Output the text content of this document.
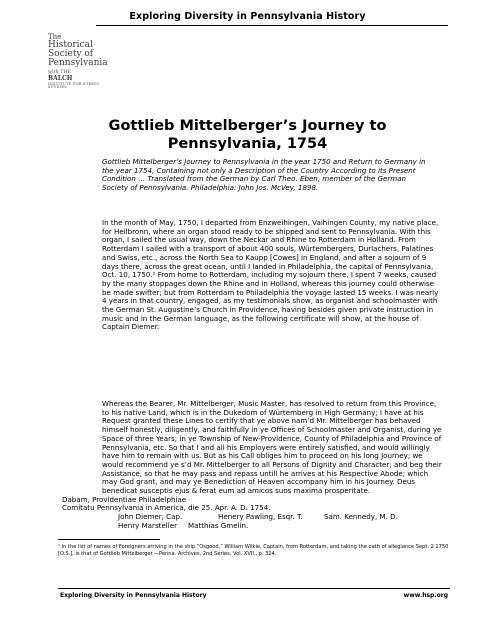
Exploring Diversity in Pennsylvania History
The
Historical
Society of
Pennsylvania
with THE
BALCH
INSTITUTE FOR ETHNIC STUDIES
Gottlieb Mittelberger’s Journey to
Pennsylvania, 1754
Gottlieb Mittelberger’s Journey to Pennsylvania in the year 1750 and Return to Germany in the year 1754, Containing not only a Description of the Country According to its Present Condition … Translated from the German by Carl Theo. Eben, member of the German Society of Pennsylvania. Philadelphia: John Jos. McVey, 1898.
In the month of May, 1750, I departed from Enzweihingen, Vaihingen County, my native place, for Heilbronn, where an organ stood ready to be shipped and sent to Pennsylvania. With this organ, I sailed the usual way, down the Neckar and Rhine to Rotterdam in Holland. From Rotterdam I sailed with a transport of about 400 souls, Würtembergers, Durlachers, Palatines and Swiss, etc., across the North Sea to Kaupp [Cowes] in England, and after a sojourn of 9 days there, across the great ocean, until I landed in Philadelphia, the capital of Pennsylvania, Oct. 10, 1750.¹ From home to Rotterdam, including my sojourn there, I spent 7 weeks, caused by the many stoppages down the Rhine and in Holland, whereas this journey could otherwise be made swifter; but from Rotterdam to Philadelphia the voyage lasted 15 weeks. I was nearly 4 years in that country, engaged, as my testimonials show, as organist and schoolmaster with the German St. Augustine’s Church in Providence, having besides given private instruction in music and in the German language, as the following certificate will show, at the house of Captain Diemer.
Whereas the Bearer, Mr. Mittelberger, Music Master, has resolved to return from this Province, to his native Land, which is in the Dukedom of Würtemberg in High Germany; I have at his Request granted these Lines to certify that ye above nam’d Mr. Mittelberger has behaved himself honestly, diligently, and faithfully in ye Offices of Schoolmaster and Organist, during ye Space of three Years; in ye Township of New-Providence, County of Philadelphia and Province of Pennsylvania, etc. So that I and all his Employers were entirely satisfied, and would willingly have him to remain with us. But as his Call obliges him to proceed on his long Journey; we would recommend ye s’d Mr. Mittelberger to all Persons of Dignity and Character; and beg their Assistance, so that he may pass and repass untill he arrives at his Respective Abode; which may God grant, and may ye Benediction of Heaven accompany him in his Journey. Deus benedicat susceptis ejus & ferat eum ad amicos suos maxima prosperitate.
Dabam, Providentiae Philadelphiae
Comitatu Pennsylvania in America, die 25. Apr. A. D. 1754.
John Diemer, Cap.	Henery Pawling, Esqr. T.	Sam. Kennedy, M. D.
Henry Marsteller	Matthias Gmelin.
¹ In the list of names of Foreigners arriving in the ship “Osgood,” William Wilkie, Captain, from Rotterdam, and taking the oath of allegiance Sept. 2 1750 [O.S.], is that of Gottlieb Mittelberger.—Penna. Archives, 2nd Series, Vol. XVII., p. 324.
Exploring Diversity in Pennsylvania History	www.hsp.org
